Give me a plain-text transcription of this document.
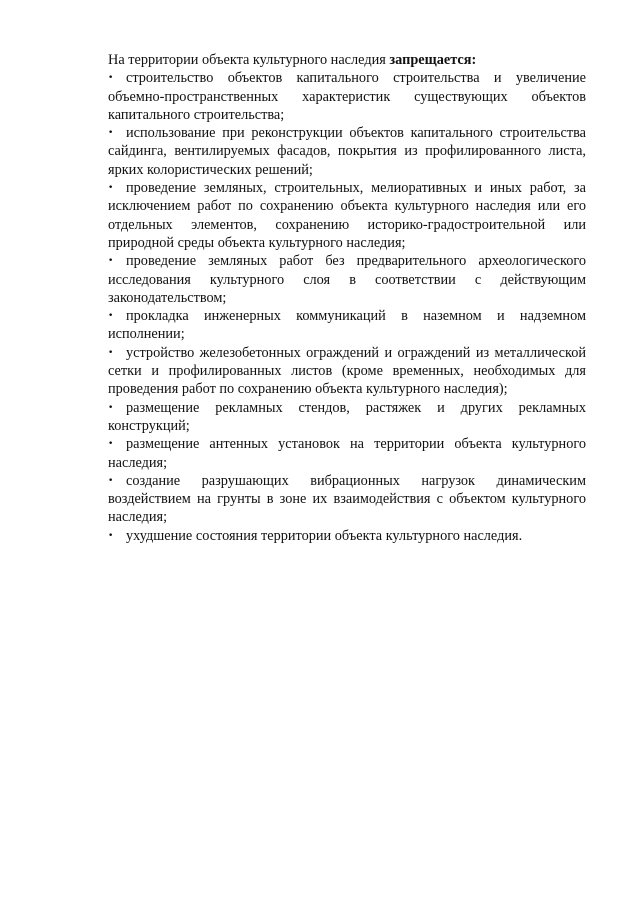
На территории объекта культурного наследия запрещается:

• строительство объектов капитального строительства и увеличение объемно-пространственных характеристик существующих объектов капитального строительства;

• использование при реконструкции объектов капитального строительства сайдинга, вентилируемых фасадов, покрытия из профилированного листа, ярких колористических решений;

• проведение земляных, строительных, мелиоративных и иных работ, за исключением работ по сохранению объекта культурного наследия или его отдельных элементов, сохранению историко-градостроительной или природной среды объекта культурного наследия;

• проведение земляных работ без предварительного археологического исследования культурного слоя в соответствии с действующим законодательством;

• прокладка инженерных коммуникаций в наземном и надземном исполнении;

• устройство железобетонных ограждений и ограждений из металлической сетки и профилированных листов (кроме временных, необходимых для проведения работ по сохранению объекта культурного наследия);

• размещение рекламных стендов, растяжек и других рекламных конструкций;

• размещение антенных установок на территории объекта культурного наследия;

• создание разрушающих вибрационных нагрузок динамическим воздействием на грунты в зоне их взаимодействия с объектом культурного наследия;

• ухудшение состояния территории объекта культурного наследия.
